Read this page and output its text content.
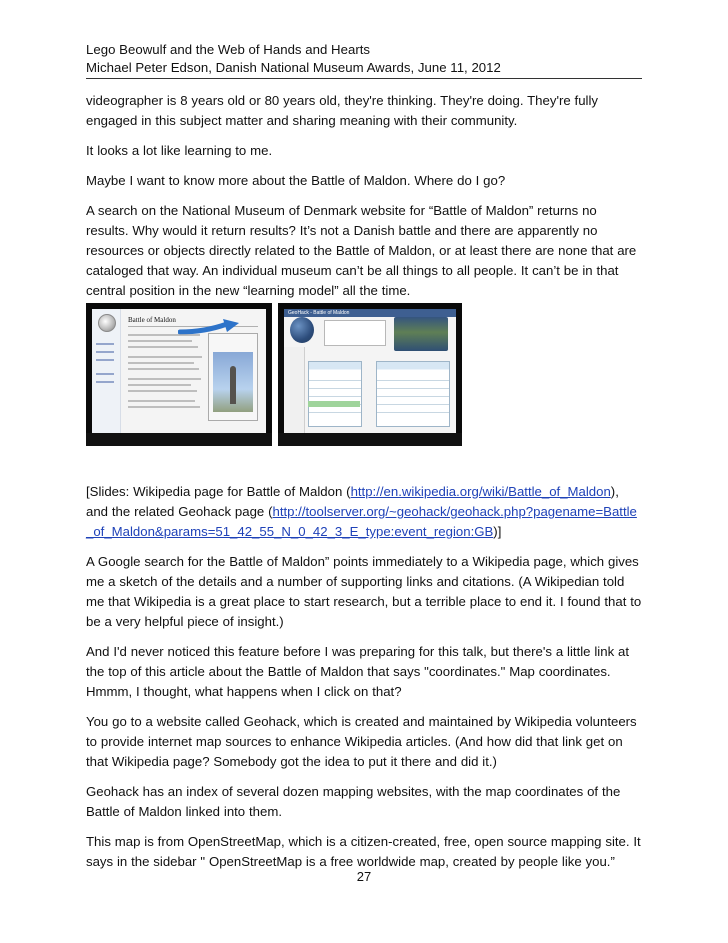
Lego Beowulf and the Web of Hands and Hearts
Michael Peter Edson, Danish National Museum Awards, June 11, 2012

videographer is 8 years old or 80 years old, they're thinking. They're doing. They're fully engaged in this subject matter and sharing meaning with their community.

It looks a lot like learning to me.

Maybe I want to know more about the Battle of Maldon. Where do I go?

A search on the National Museum of Denmark website for “Battle of Maldon” returns no results. Why would it return results? It’s not a Danish battle and there are apparently no resources or objects directly related to the Battle of Maldon, or at least there are none that are cataloged that way. An individual museum can’t be all things to all people. It can’t be in that central position in the new “learning model” all the time.

[Slides: Wikipedia page for Battle of Maldon (http://en.wikipedia.org/wiki/Battle_of_Maldon), and the related Geohack page (http://toolserver.org/~geohack/geohack.php?pagename=Battle_of_Maldon&params=51_42_55_N_0_42_3_E_type:event_region:GB)]

A Google search for the Battle of Maldon” points immediately to a Wikipedia page, which gives me a sketch of the details and a number of supporting links and citations. (A Wikipedian told me that Wikipedia is a great place to start research, but a terrible place to end it. I found that to be a very helpful piece of insight.)

And I'd never noticed this feature before I was preparing for this talk, but there's a little link at the top of this article about the Battle of Maldon that says "coordinates." Map coordinates. Hmmm, I thought, what happens when I click on that?

You go to a website called Geohack, which is created and maintained by Wikipedia volunteers to provide internet map sources to enhance Wikipedia articles. (And how did that link get on that Wikipedia page? Somebody got the idea to put it there and did it.)

Geohack has an index of several dozen mapping websites, with the map coordinates of the Battle of Maldon linked into them.

This map is from OpenStreetMap, which is a citizen-created, free, open source mapping site. It says in the sidebar " OpenStreetMap is a free worldwide map, created by people like you.”

Battle of Maldon
GeoHack - Battle of Maldon
27
